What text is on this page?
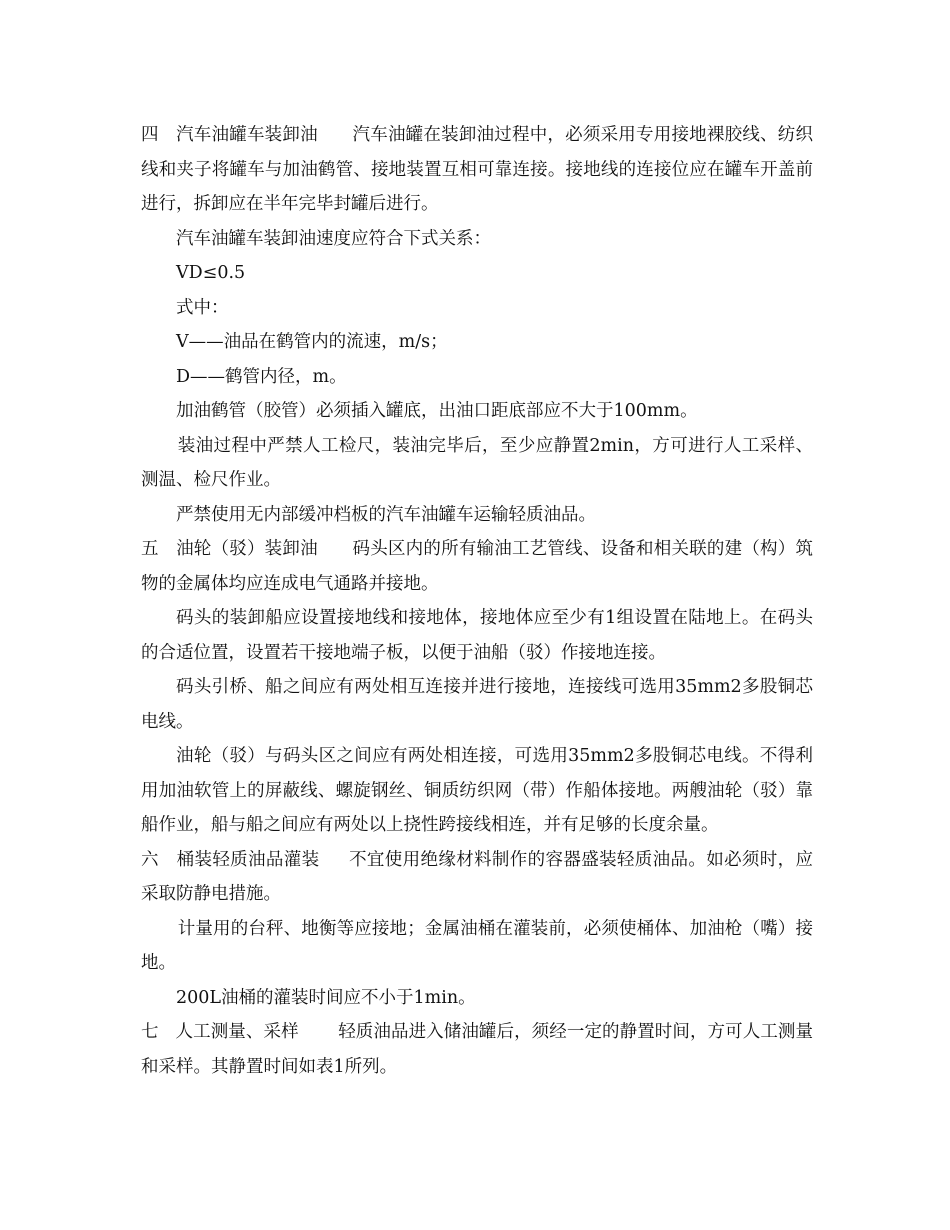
四   汽车油罐车装卸油      汽车油罐在装卸油过程中，必须采用专用接地裸胶线、纺织线和夹子将罐车与加油鹤管、接地装置互相可靠连接。接地线的连接位应在罐车开盖前进行，拆卸应在半年完毕封罐后进行。

汽车油罐车装卸油速度应符合下式关系：

VD≤0.5

式中：

V——油品在鹤管内的流速，m/s；

D——鹤管内径，m。

加油鹤管（胶管）必须插入罐底，出油口距底部应不大于100mm。

装油过程中严禁人工检尺，装油完毕后，至少应静置2min，方可进行人工采样、测温、检尺作业。

严禁使用无内部缓冲档板的汽车油罐车运输轻质油品。

五   油轮（驳）装卸油      码头区内的所有输油工艺管线、设备和相关联的建（构）筑物的金属体均应连成电气通路并接地。

码头的装卸船应设置接地线和接地体，接地体应至少有1组设置在陆地上。在码头的合适位置，设置若干接地端子板，以便于油船（驳）作接地连接。

码头引桥、船之间应有两处相互连接并进行接地，连接线可选用35mm2多股铜芯电线。

油轮（驳）与码头区之间应有两处相连接，可选用35mm2多股铜芯电线。不得利用加油软管上的屏蔽线、螺旋钢丝、铜质纺织网（带）作船体接地。两艘油轮（驳）靠船作业，船与船之间应有两处以上挠性跨接线相连，并有足够的长度余量。

六   桶装轻质油品灌装     不宜使用绝缘材料制作的容器盛装轻质油品。如必须时，应采取防静电措施。

计量用的台秤、地衡等应接地；金属油桶在灌装前，必须使桶体、加油枪（嘴）接地。

200L油桶的灌装时间应不小于1min。

七   人工测量、采样       轻质油品进入储油罐后，须经一定的静置时间，方可人工测量和采样。其静置时间如表1所列。
